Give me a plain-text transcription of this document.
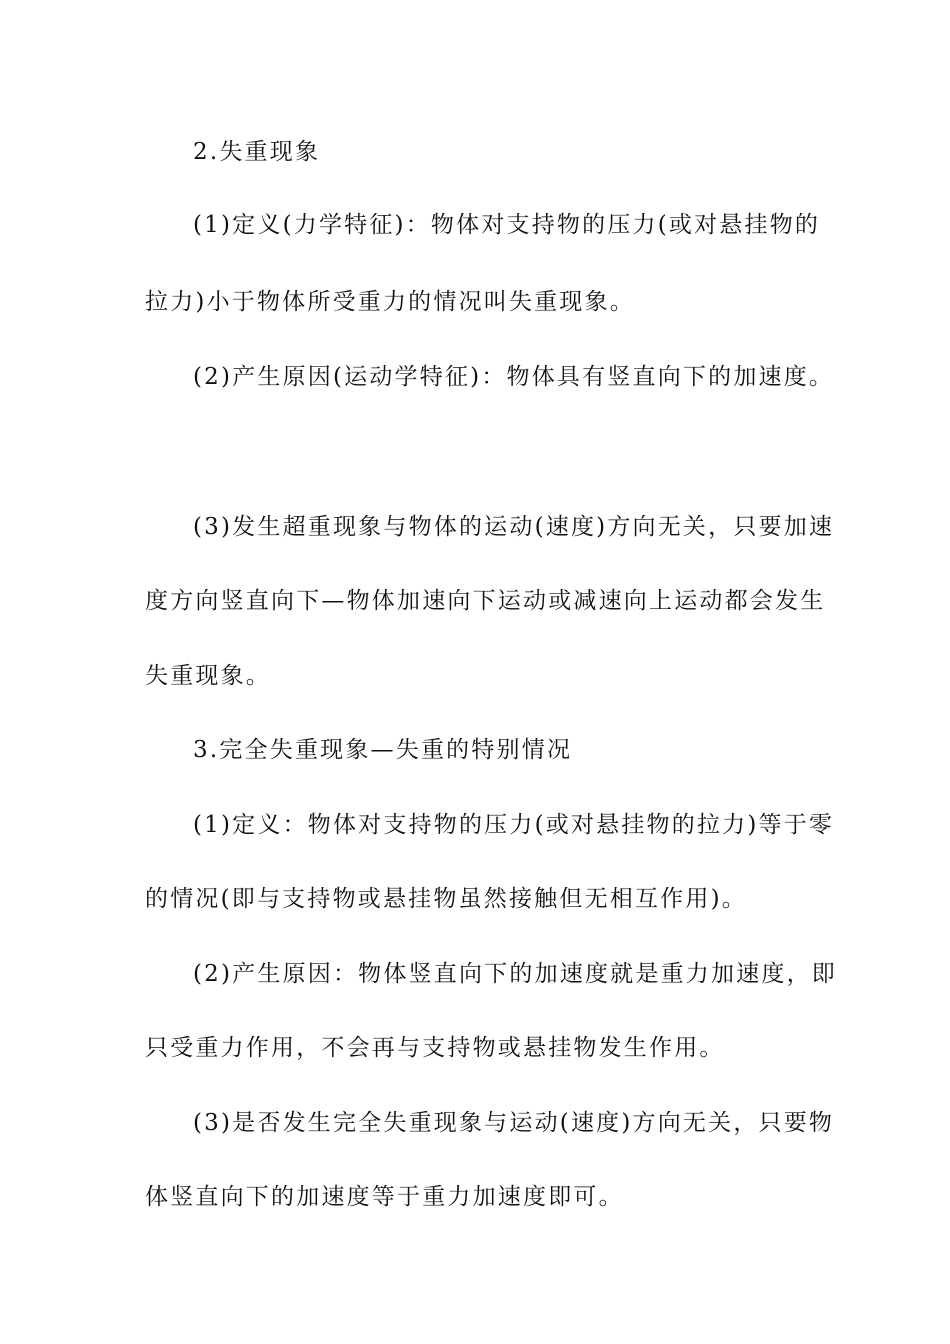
2.失重现象
(1)定义(力学特征)：物体对支持物的压力(或对悬挂物的
拉力)小于物体所受重力的情况叫失重现象。
(2)产生原因(运动学特征)：物体具有竖直向下的加速度。
(3)发生超重现象与物体的运动(速度)方向无关，只要加速
度方向竖直向下—物体加速向下运动或减速向上运动都会发生
失重现象。
3.完全失重现象—失重的特别情况
(1)定义：物体对支持物的压力(或对悬挂物的拉力)等于零
的情况(即与支持物或悬挂物虽然接触但无相互作用)。
(2)产生原因：物体竖直向下的加速度就是重力加速度，即
只受重力作用，不会再与支持物或悬挂物发生作用。
(3)是否发生完全失重现象与运动(速度)方向无关，只要物
体竖直向下的加速度等于重力加速度即可。
